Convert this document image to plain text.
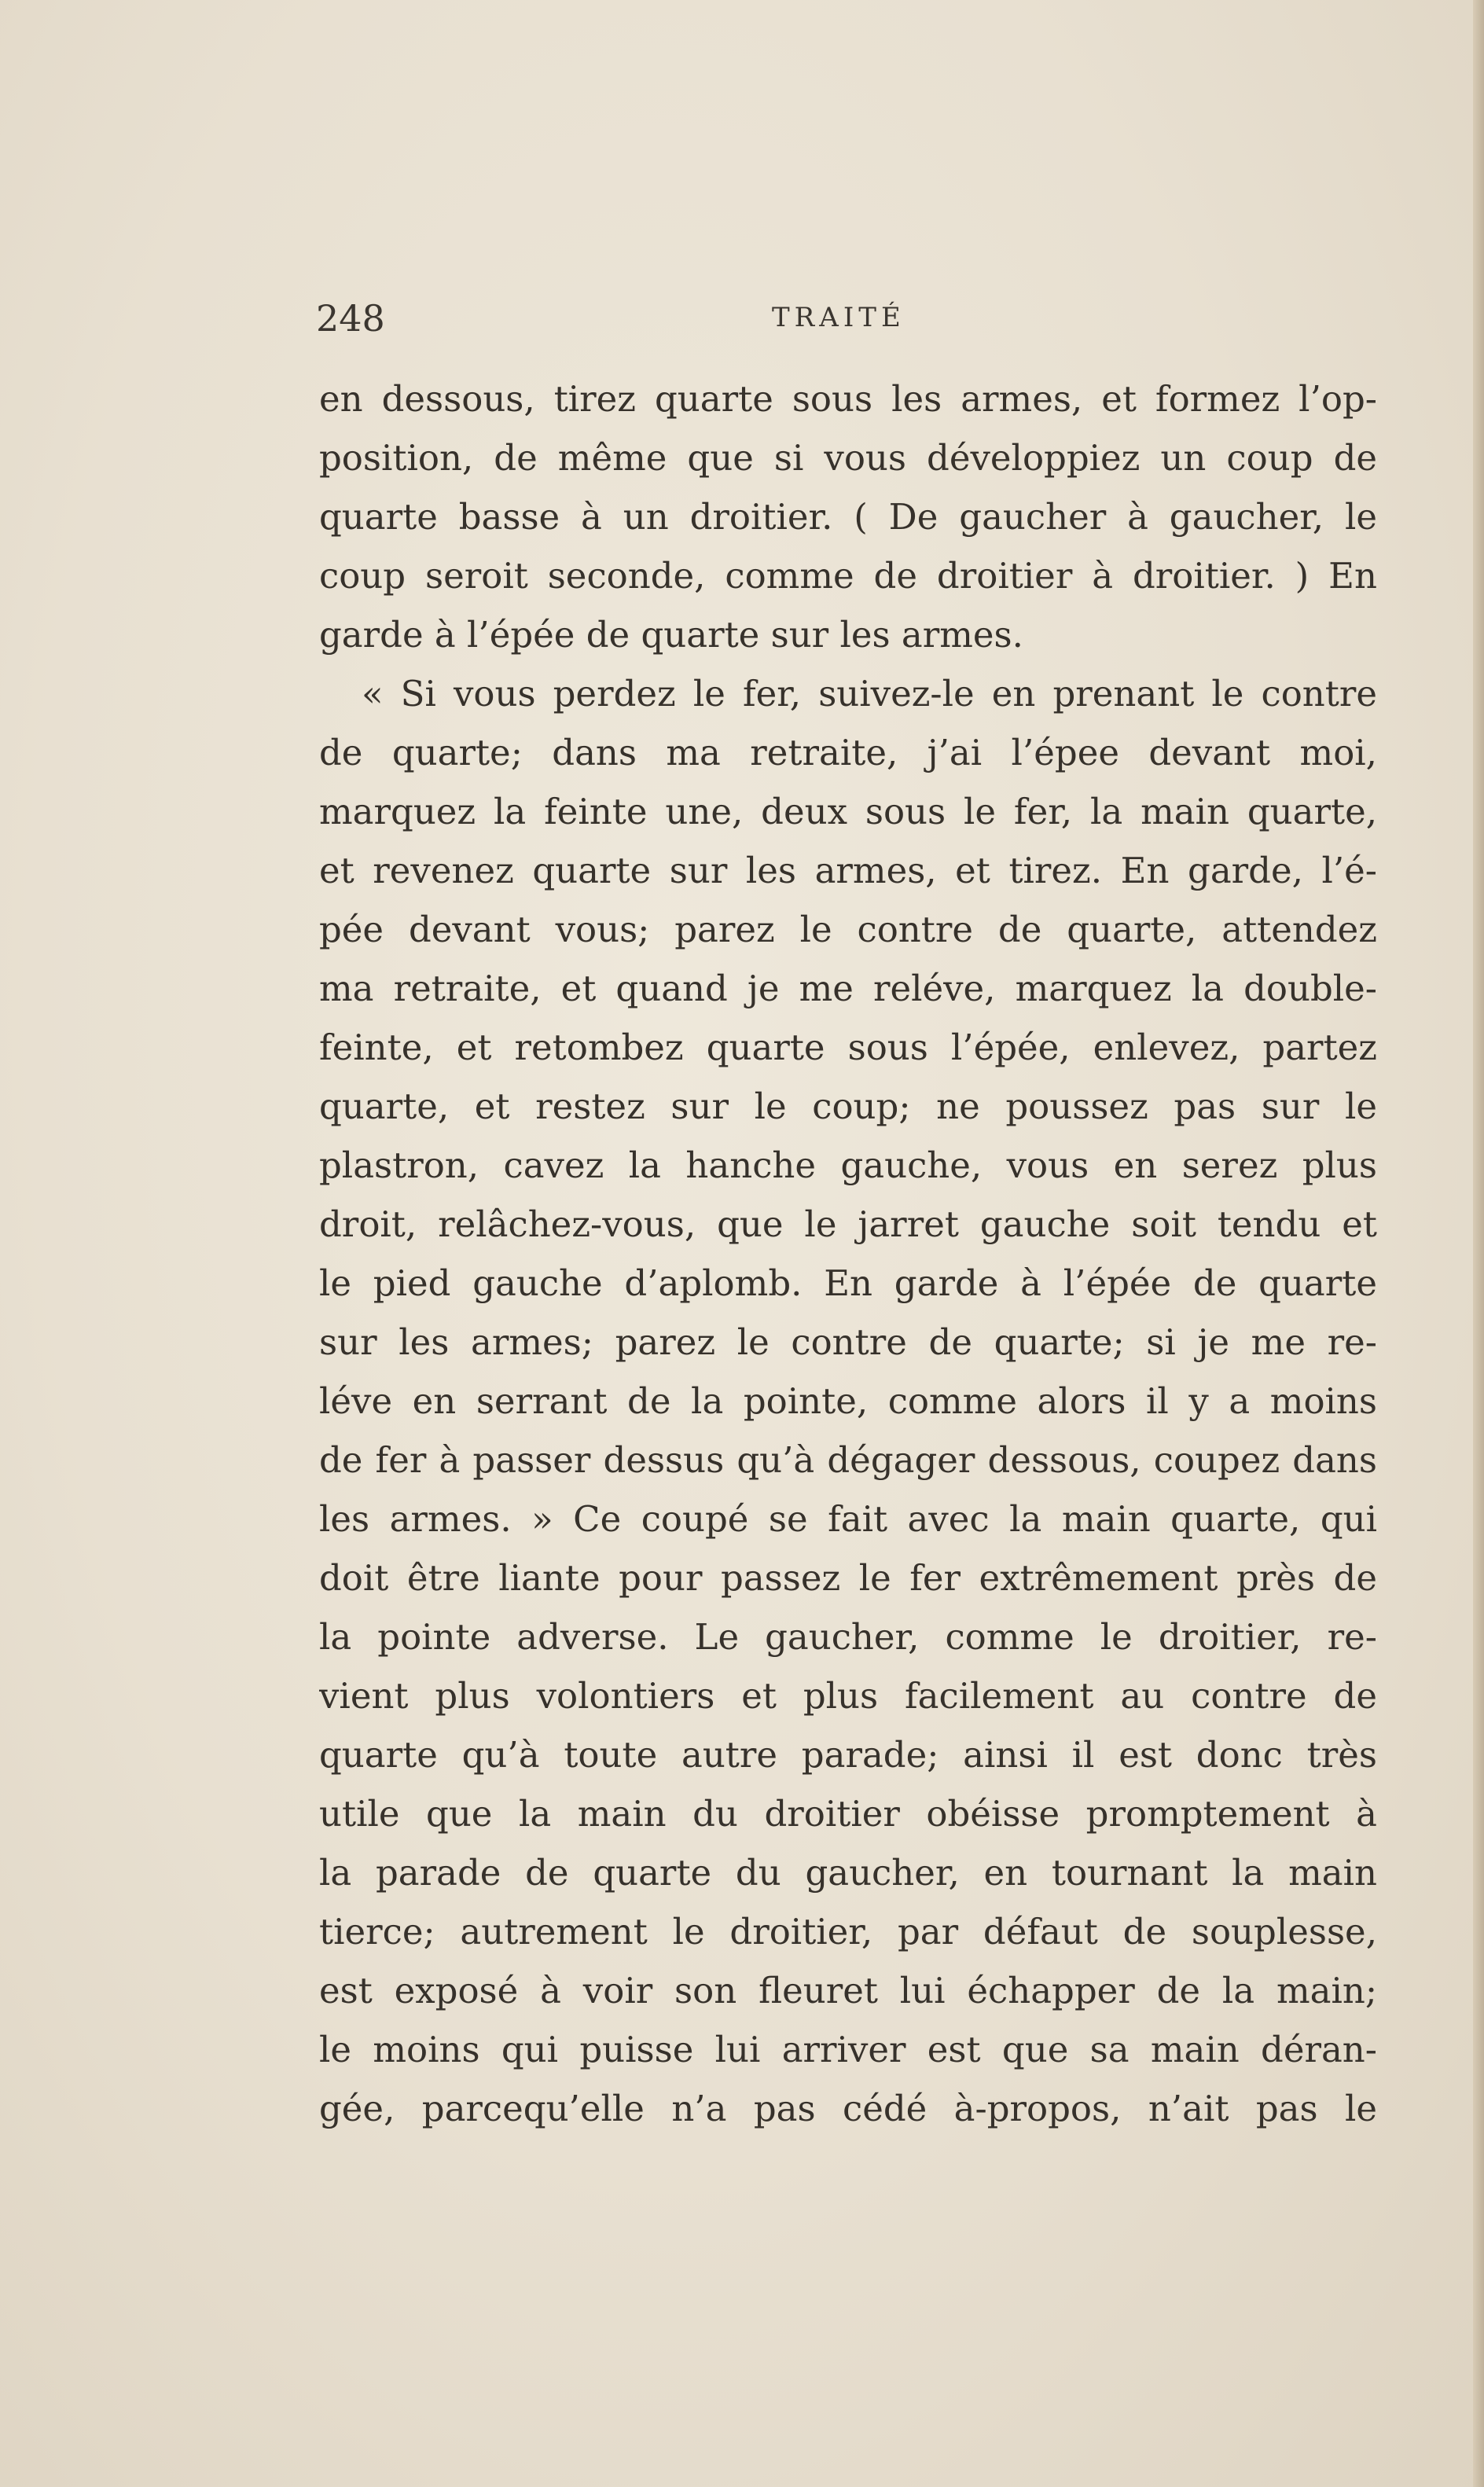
248	TRAITÉ
en dessous, tirez quarte sous les armes, et formez l’op-
position, de même que si vous développiez un coup de
quarte basse à un droitier. ( De gaucher à gaucher, le
coup seroit seconde, comme de droitier à droitier. ) En
garde à l’épée de quarte sur les armes.
« Si vous perdez le fer, suivez-le en prenant le contre
de quarte; dans ma retraite, j’ai l’épee devant moi,
marquez la feinte une, deux sous le fer, la main quarte,
et revenez quarte sur les armes, et tirez. En garde, l’é-
pée devant vous; parez le contre de quarte, attendez
ma retraite, et quand je me reléve, marquez la double-
feinte, et retombez quarte sous l’épée, enlevez, partez
quarte, et restez sur le coup; ne poussez pas sur le
plastron, cavez la hanche gauche, vous en serez plus
droit, relâchez-vous, que le jarret gauche soit tendu et
le pied gauche d’aplomb. En garde à l’épée de quarte
sur les armes; parez le contre de quarte; si je me re-
léve en serrant de la pointe, comme alors il y a moins
de fer à passer dessus qu’à dégager dessous, coupez dans
les armes. » Ce coupé se fait avec la main quarte, qui
doit être liante pour passez le fer extrêmement près de
la pointe adverse. Le gaucher, comme le droitier, re-
vient plus volontiers et plus facilement au contre de
quarte qu’à toute autre parade; ainsi il est donc très
utile que la main du droitier obéisse promptement à
la parade de quarte du gaucher, en tournant la main
tierce; autrement le droitier, par défaut de souplesse,
est exposé à voir son fleuret lui échapper de la main;
le moins qui puisse lui arriver est que sa main déran-
gée, parcequ’elle n’a pas cédé à-propos, n’ait pas le
